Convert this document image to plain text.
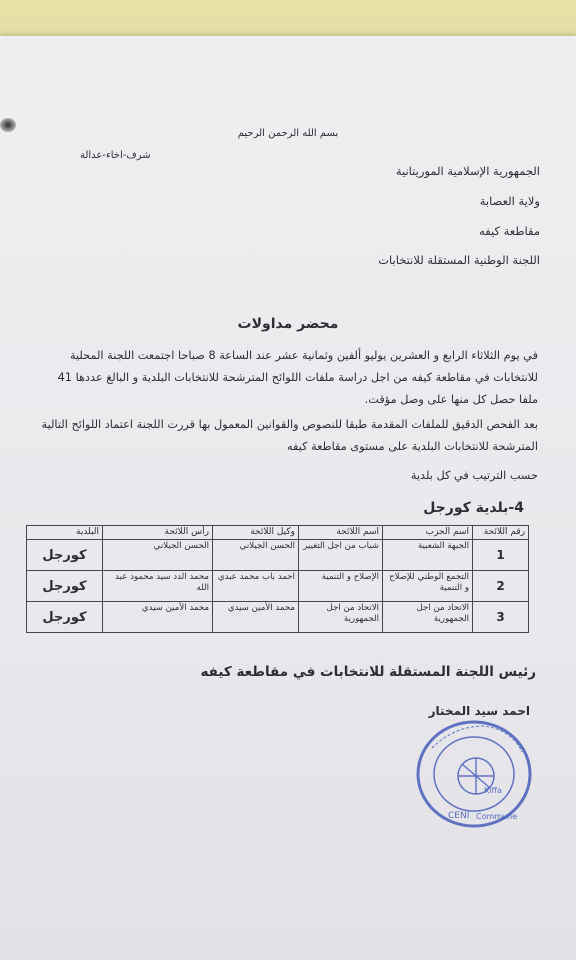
بسم الله الرحمن الرحيم
شرف-اخاء-عدالة
الجمهورية الإسلامية الموريتانية
ولاية العصابة
مقاطعة كيفه
اللجنة الوطنية المستقلة للانتخابات
محضر مداولات
في يوم الثلاثاء الرابع و العشرين يوليو ألفين وثمانية عشر عند الساعة 8 صباحا اجتمعت اللجنة المحلية للانتخابات في مقاطعة كيفه من اجل دراسة ملفات اللوائح المترشحة للانتخابات البلدية و البالغ عددها 41 ملفا حصل كل منها على وصل مؤقت.
بعد الفحص الدقيق للملفات المقدمة طبقا للنصوص والقوانين المعمول بها قررت اللجنة اعتماد اللوائح التالية المترشحة للانتخابات البلدية على مستوى مقاطعة كيفه
حسب الترتيب في كل بلدية
4-بلدية كورجل
رقم اللائحة	اسم الحزب	اسم اللائحة	وكيل اللائحة	رأس اللائحة	البلدية
1	الجبهة الشعبية	شباب من اجل التغيير	الحسن الجيلاني	الحسن الجيلاني	كورجل
2	التجمع الوطني للإصلاح و التنمية	الإصلاح و التنمية	احمد باب محمد عبدي	محمد الدد سيد محمود عبد الله	كورجل
3	الاتحاد من اجل الجمهورية	الاتحاد من اجل الجمهورية	محمد الأمين سيدي	محمد الأمين سيدي	كورجل
رئيس اللجنة المستقلة للانتخابات في مقاطعة كيفه
احمد سيد المختار
CENI Commune
Kiffa
